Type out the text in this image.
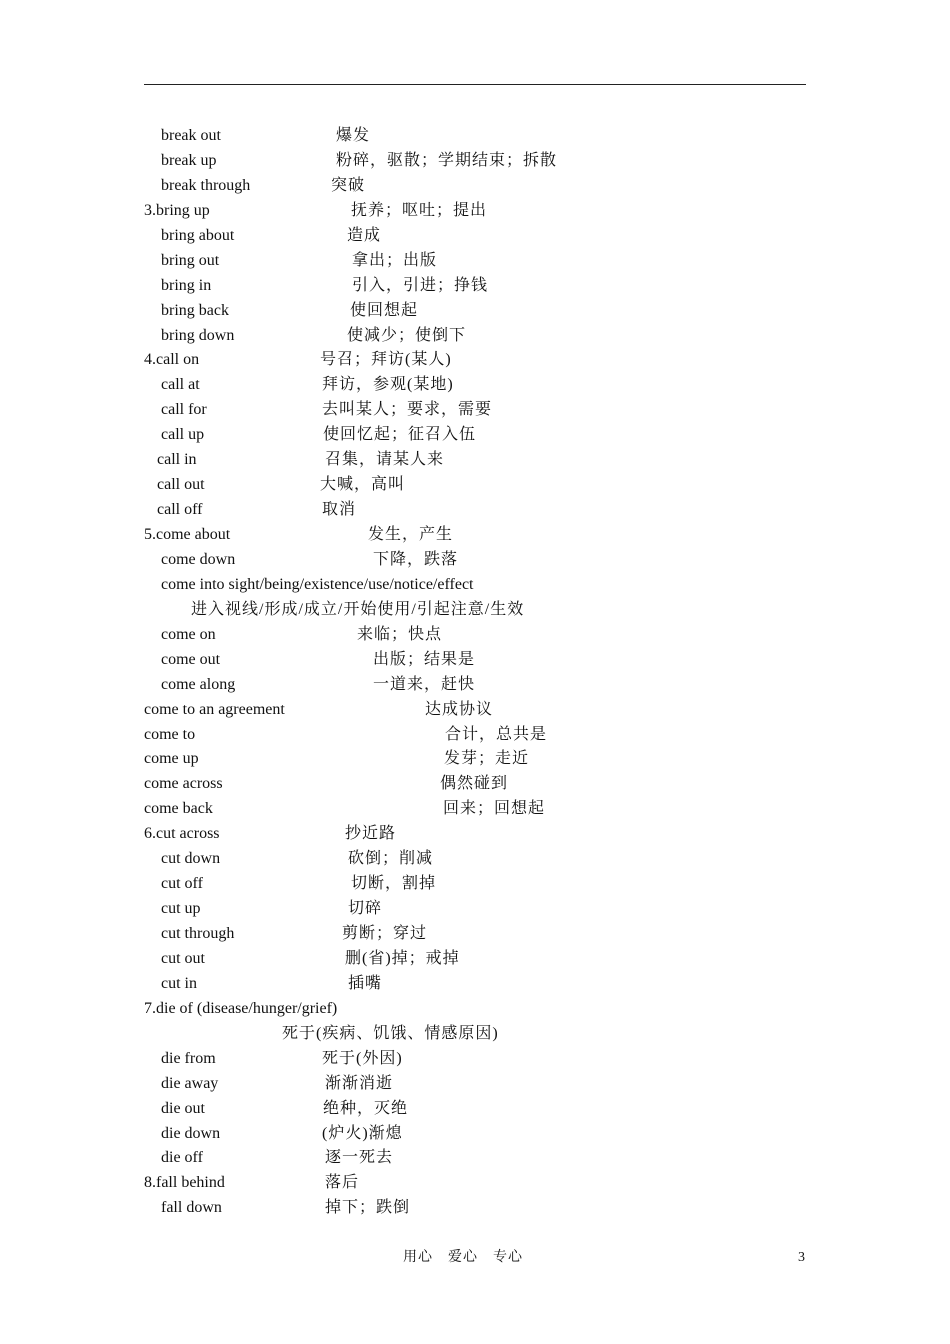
break out	爆发
break up	粉碎，驱散；学期结束；拆散
break through	突破
3.bring up	抚养；呕吐；提出
bring about	造成
bring out	拿出；出版
bring in	引入，引进；挣钱
bring back	使回想起
bring down	使减少；使倒下
4.call on	号召；拜访(某人)
call at	拜访，参观(某地)
call for	去叫某人；要求，需要
call up	使回忆起；征召入伍
call in	召集，请某人来
call out	大喊，高叫
call off	取消
5.come about	发生，产生
come down	下降，跌落
come into sight/being/existence/use/notice/effect
进入视线/形成/成立/开始使用/引起注意/生效
come on	来临；快点
come out	出版；结果是
come along	一道来，赶快
come to an agreement	达成协议
come to	合计，总共是
come up	发芽；走近
come across	偶然碰到
come back	回来；回想起
6.cut across	抄近路
cut down	砍倒；削减
cut off	切断，割掉
cut up	切碎
cut through	剪断；穿过
cut out	删(省)掉；戒掉
cut in	插嘴
7.die of (disease/hunger/grief)
死于(疾病、饥饿、情感原因)
die from	死于(外因)
die away	渐渐消逝
die out	绝种，灭绝
die down	(炉火)渐熄
die off	逐一死去
8.fall behind	落后
fall down	掉下；跌倒
用心　爱心　专心	3
